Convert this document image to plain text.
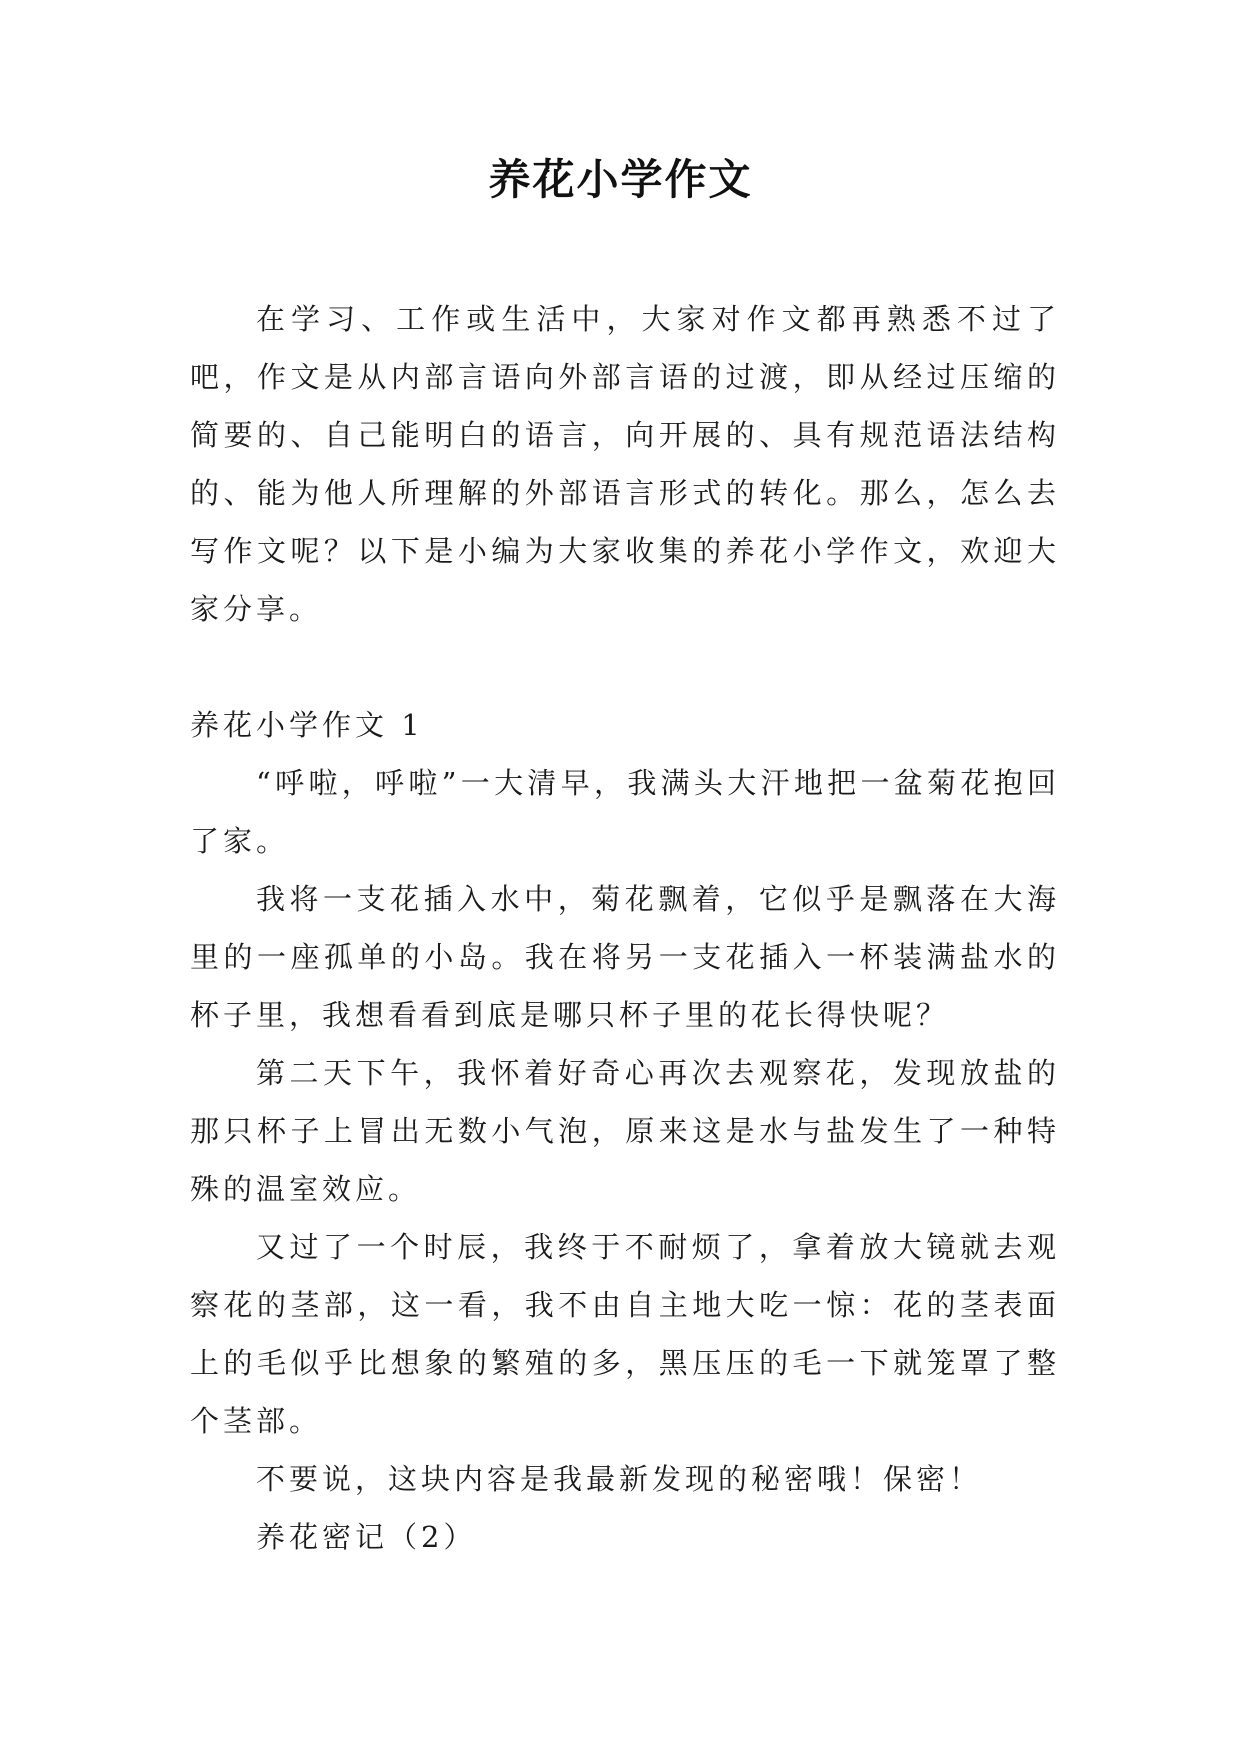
养花小学作文

在学习、工作或生活中，大家对作文都再熟悉不过了吧，作文是从内部言语向外部言语的过渡，即从经过压缩的简要的、自己能明白的语言，向开展的、具有规范语法结构的、能为他人所理解的外部语言形式的转化。那么，怎么去写作文呢？以下是小编为大家收集的养花小学作文，欢迎大家分享。

养花小学作文 1

“呼啦，呼啦”一大清早，我满头大汗地把一盆菊花抱回了家。

我将一支花插入水中，菊花飘着，它似乎是飘落在大海里的一座孤单的小岛。我在将另一支花插入一杯装满盐水的杯子里，我想看看到底是哪只杯子里的花长得快呢？

第二天下午，我怀着好奇心再次去观察花，发现放盐的那只杯子上冒出无数小气泡，原来这是水与盐发生了一种特殊的温室效应。

又过了一个时辰，我终于不耐烦了，拿着放大镜就去观察花的茎部，这一看，我不由自主地大吃一惊：花的茎表面上的毛似乎比想象的繁殖的多，黑压压的毛一下就笼罩了整个茎部。

不要说，这块内容是我最新发现的秘密哦！保密！

养花密记（2）
